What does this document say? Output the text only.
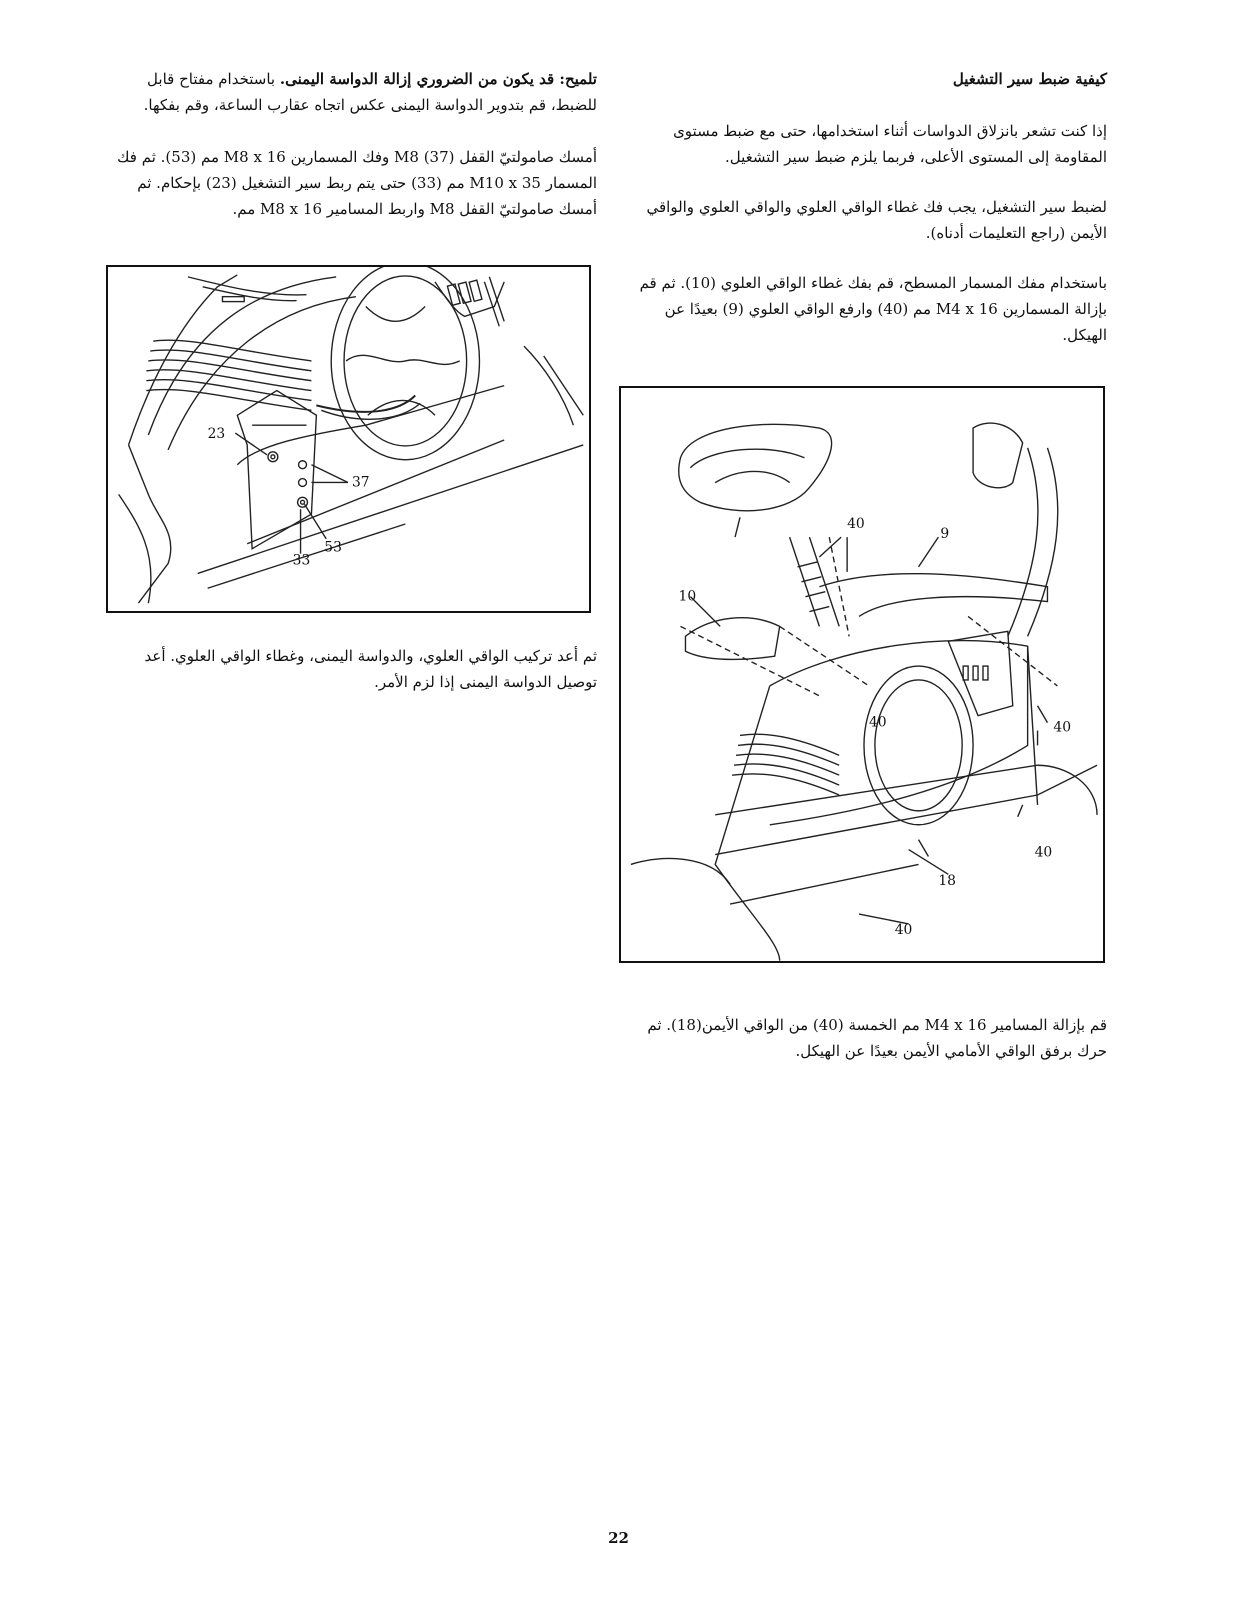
كيفية ضبط سير التشغيل

إذا كنت تشعر بانزلاق الدواسات أثناء استخدامها، حتى مع ضبط مستوى المقاومة إلى المستوى الأعلى، فربما يلزم ضبط سير التشغيل.

لضبط سير التشغيل، يجب فك غطاء الواقي العلوي والواقي العلوي والواقي الأيمن (راجع التعليمات أدناه).

باستخدام مفك المسمار المسطح، قم بفك غطاء الواقي العلوي (10). ثم قم بإزالة المسمارين M4 x 16 مم (40) وارفع الواقي العلوي (9) بعيدًا عن الهيكل.

تلميح: قد يكون من الضروري إزالة الدواسة اليمنى. باستخدام مفتاح قابل للضبط، قم بتدوير الدواسة اليمنى عكس اتجاه عقارب الساعة، وقم بفكها.

أمسك صامولتيّ القفل M8 (37) وفك المسمارين M8 x 16 مم (53). ثم فك المسمار M10 x 35 مم (33) حتى يتم ربط سير التشغيل (23) بإحكام. ثم أمسك صامولتيّ القفل M8 واربط المسامير M8 x 16 مم.

23
37
33
53

ثم أعد تركيب الواقي العلوي، والدواسة اليمنى، وغطاء الواقي العلوي. أعد توصيل الدواسة اليمنى إذا لزم الأمر.

40
9
10
40	40
40
18
40

قم بإزالة المسامير M4 x 16 مم الخمسة (40) من الواقي الأيمن(18). ثم حرك برفق الواقي الأمامي الأيمن بعيدًا عن الهيكل.

22
